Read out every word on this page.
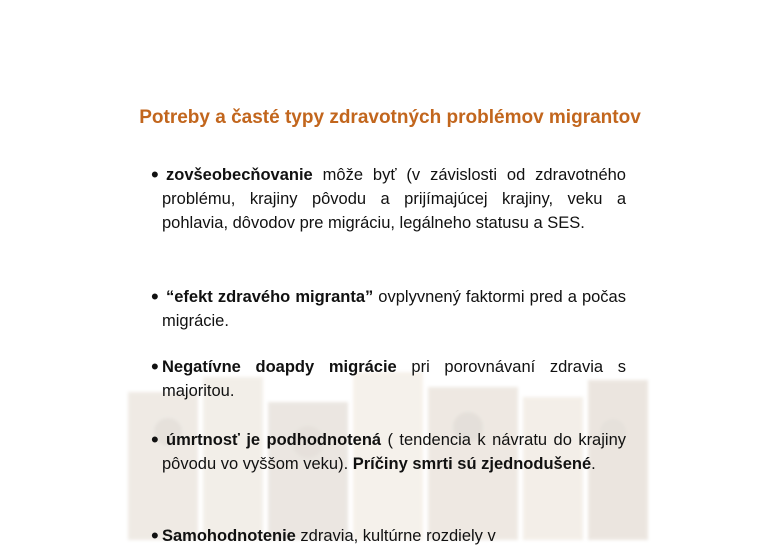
Potreby a časté typy zdravotných problémov migrantov
• zovšeobecňovanie môže byť (v závislosti od zdravotného problému, krajiny pôvodu a prijímajúcej krajiny, veku a pohlavia, dôvodov pre migráciu, legálneho statusu a SES.
• “efekt zdravého migranta” ovplyvnený faktormi pred a počas migrácie.
• Negatívne doapdy migrácie pri porovnávaní zdravia s majoritou.
• úmrtnosť je podhodnotená ( tendencia k návratu do krajiny pôvodu vo vyššom veku). Príčiny smrti sú zjednodušené.
• Samohodnotenie zdravia, kultúrne rozdiely v
